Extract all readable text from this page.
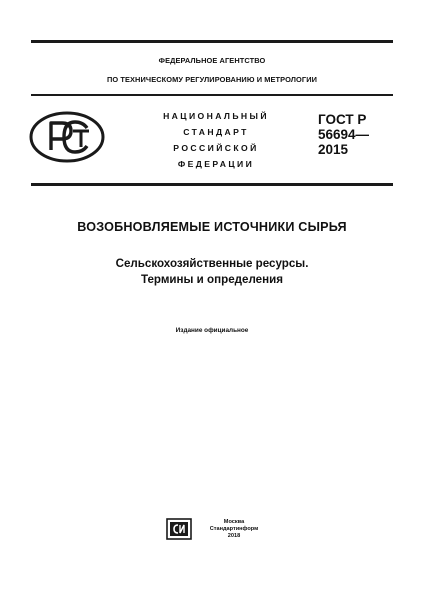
ФЕДЕРАЛЬНОЕ АГЕНТСТВО
ПО ТЕХНИЧЕСКОМУ РЕГУЛИРОВАНИЮ И МЕТРОЛОГИИ
НАЦИОНАЛЬНЫЙ
СТАНДАРТ
РОССИЙСКОЙ
ФЕДЕРАЦИИ
ГОСТ Р
56694—
2015
ВОЗОБНОВЛЯЕМЫЕ ИСТОЧНИКИ СЫРЬЯ
Сельскохозяйственные ресурсы.
Термины и определения
Издание официальное
Москва
Стандартинформ
2018
